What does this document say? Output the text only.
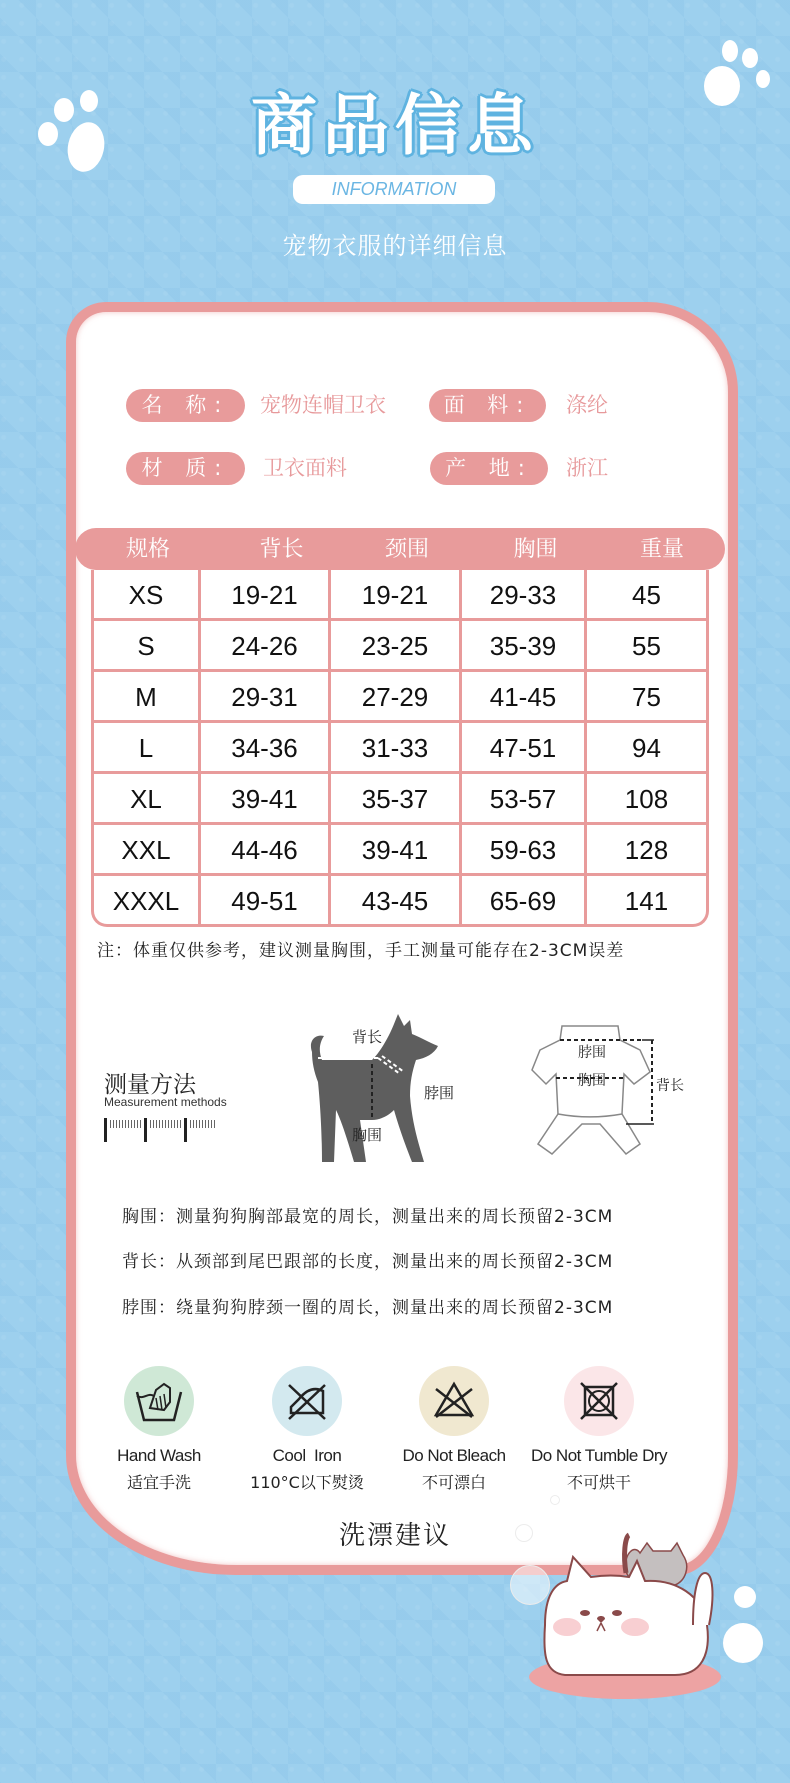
商品信息
INFORMATION
宠物衣服的详细信息
名 称:	宠物连帽卫衣	面 料:	涤纶
材 质:	卫衣面料	产 地:	浙江
规格	背长	颈围	胸围	重量
XS	19-21	19-21	29-33	45
S	24-26	23-25	35-39	55
M	29-31	27-29	41-45	75
L	34-36	31-33	47-51	94
XL	39-41	35-37	53-57	108
XXL	44-46	39-41	59-63	128
XXXL	49-51	43-45	65-69	141
注：体重仅供参考，建议测量胸围，手工测量可能存在2-3CM误差
测量方法
Measurement methods
背长
脖围
胸围
脖围
胸围	背长
胸围：测量狗狗胸部最宽的周长，测量出来的周长预留2-3CM
背长：从颈部到尾巴跟部的长度，测量出来的周长预留2-3CM
脖围：绕量狗狗脖颈一圈的周长，测量出来的周长预留2-3CM
Hand Wash
适宜手洗
Cool  Iron
110°C以下熨烫
Do Not Bleach
不可漂白
Do Not Tumble Dry
不可烘干
洗漂建议
